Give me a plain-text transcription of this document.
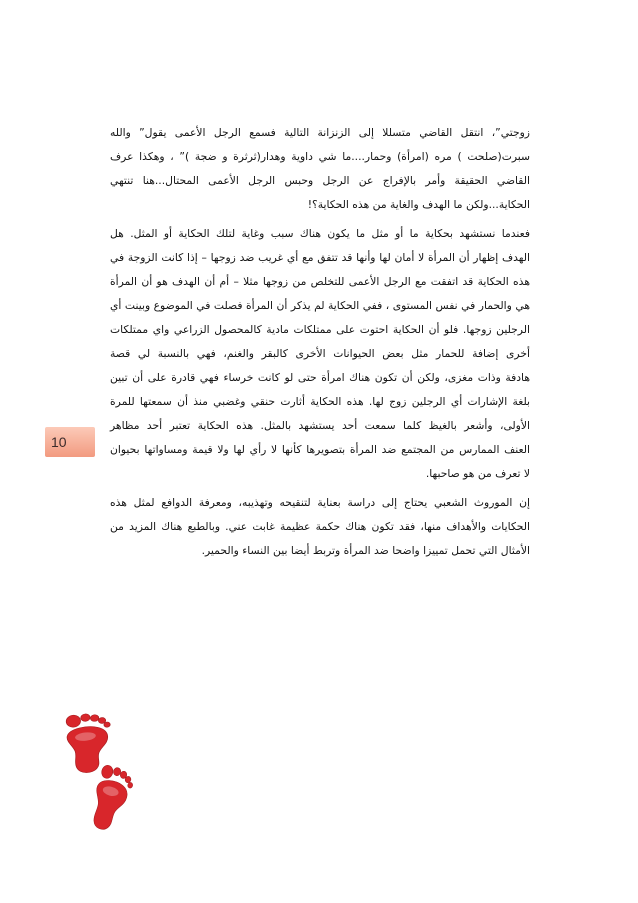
زوجتي”، انتقل القاضي متسللا إلى الزنزانة التالية فسمع الرجل الأعمى يقول” والله
سبرت(صلحت ) مره (امرأة) وحمار....ما شي داوية وهدار(ثرثرة و ضجة )” ، وهكذا عرف
القاضي الحقيقة وأمر بالإفراج عن الرجل وحبس الرجل الأعمى المحتال...هنا تنتهي
الحكاية...ولكن ما الهدف والغاية من هذه الحكاية؟!
فعندما نستشهد بحكاية ما أو مثل ما يكون هناك سبب وغاية لتلك الحكاية أو المثل. هل
الهدف إظهار أن المرأة لا أمان لها وأنها قد تتفق مع أي غريب ضد زوجها – إذا كانت الزوجة في
هذه الحكاية قد اتفقت مع الرجل الأعمى للتخلص من زوجها مثلا – أم أن الهدف هو أن المرأة
هي والحمار في نفس المستوى ، ففي الحكاية لم يذكر أن المرأة فصلت في الموضوع وبينت أي
الرجلين زوجها. فلو أن الحكاية احتوت على ممتلكات مادية كالمحصول الزراعي واي ممتلكات
أخرى إضافة للحمار مثل بعض الحيوانات الأخرى كالبقر والغنم، فهي بالنسبة لي قصة
هادفة وذات مغزى، ولكن أن تكون هناك امرأة حتى لو كانت خرساء فهي قادرة على أن تبين
بلغة الإشارات أي الرجلين زوج لها. هذه الحكاية أثارت حنقي وغضبي منذ أن سمعتها للمرة
الأولى، وأشعر بالغيظ كلما سمعت أحد يستشهد بالمثل. هذه الحكاية تعتبر أحد مظاهر
العنف الممارس من المجتمع ضد المرأة بتصويرها كأنها لا رأي لها ولا قيمة ومساواتها بحيوان
لا تعرف من هو صاحبها.
إن الموروث الشعبي يحتاج إلى دراسة بعناية لتنقيحه وتهذيبه، ومعرفة الدوافع لمثل هذه
الحكايات والأهداف منها، فقد تكون هناك حكمة عظيمة غابت عني. وبالطبع هناك المزيد من
الأمثال التي تحمل تمييزا واضحا ضد المرأة وتربط أيضا بين النساء والحمير.
10
